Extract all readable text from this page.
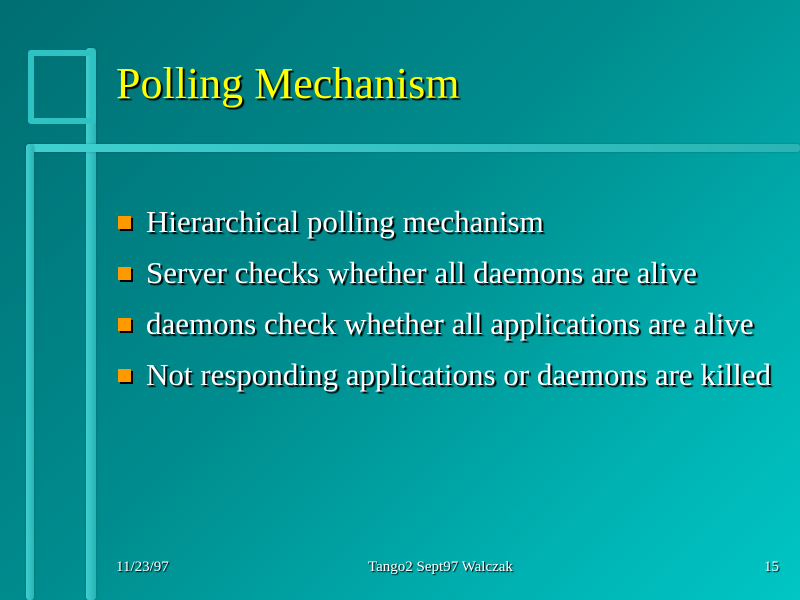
Polling Mechanism
Hierarchical polling mechanism
Server checks whether all daemons are alive
daemons check whether all applications are alive
Not responding applications or daemons are killed
11/23/97	Tango2 Sept97 Walczak	15
